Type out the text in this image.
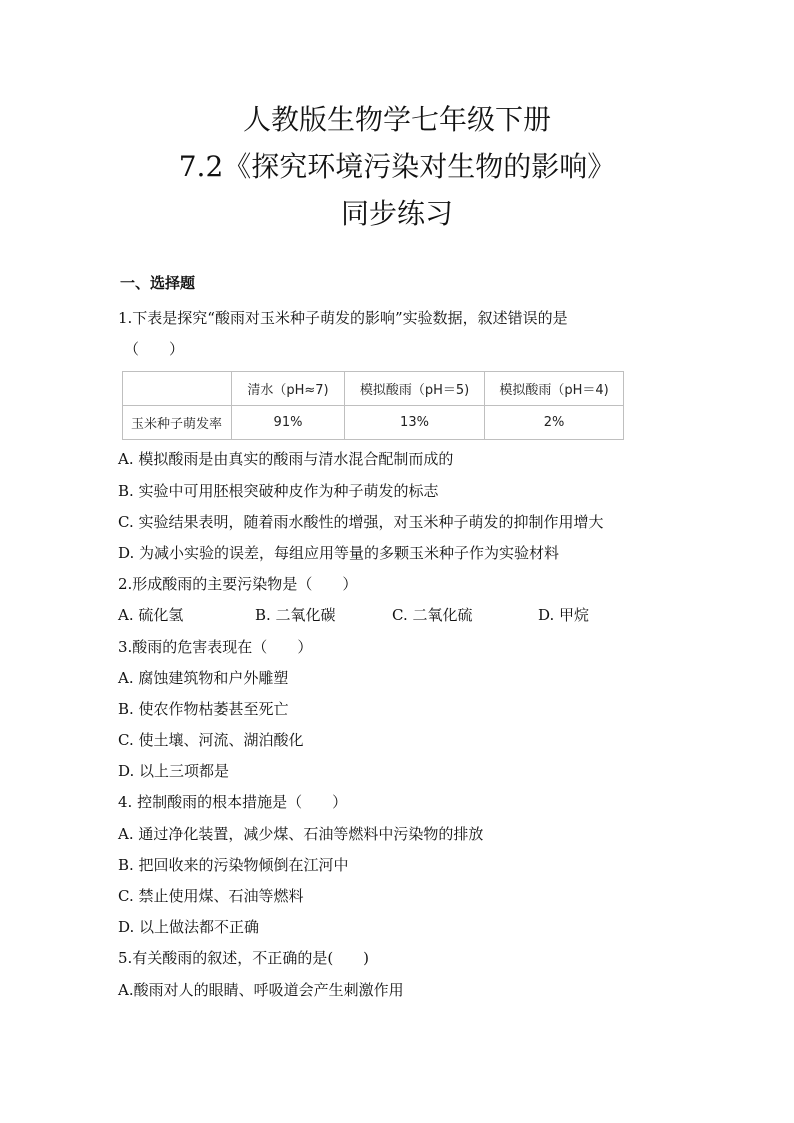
人教版生物学七年级下册
7.2《探究环境污染对生物的影响》
同步练习
一、选择题
1.下表是探究“酸雨对玉米种子萌发的影响”实验数据，叙述错误的是
（　　）
	清水（pH≈7)	模拟酸雨（pH＝5)	模拟酸雨（pH＝4)
玉米种子萌发率	91%	13%	2%
A. 模拟酸雨是由真实的酸雨与清水混合配制而成的
B. 实验中可用胚根突破种皮作为种子萌发的标志
C. 实验结果表明，随着雨水酸性的增强，对玉米种子萌发的抑制作用增大
D. 为减小实验的误差，每组应用等量的多颗玉米种子作为实验材料
2.形成酸雨的主要污染物是（　　）
A. 硫化氢	B. 二氧化碳	C. 二氧化硫	D. 甲烷
3.酸雨的危害表现在（　　）
A. 腐蚀建筑物和户外雕塑
B. 使农作物枯萎甚至死亡
C. 使土壤、河流、湖泊酸化
D. 以上三项都是
4. 控制酸雨的根本措施是（　　）
A. 通过净化装置，减少煤、石油等燃料中污染物的排放
B. 把回收来的污染物倾倒在江河中
C. 禁止使用煤、石油等燃料
D. 以上做法都不正确
5.有关酸雨的叙述，不正确的是(　　)
A.酸雨对人的眼睛、呼吸道会产生刺激作用
